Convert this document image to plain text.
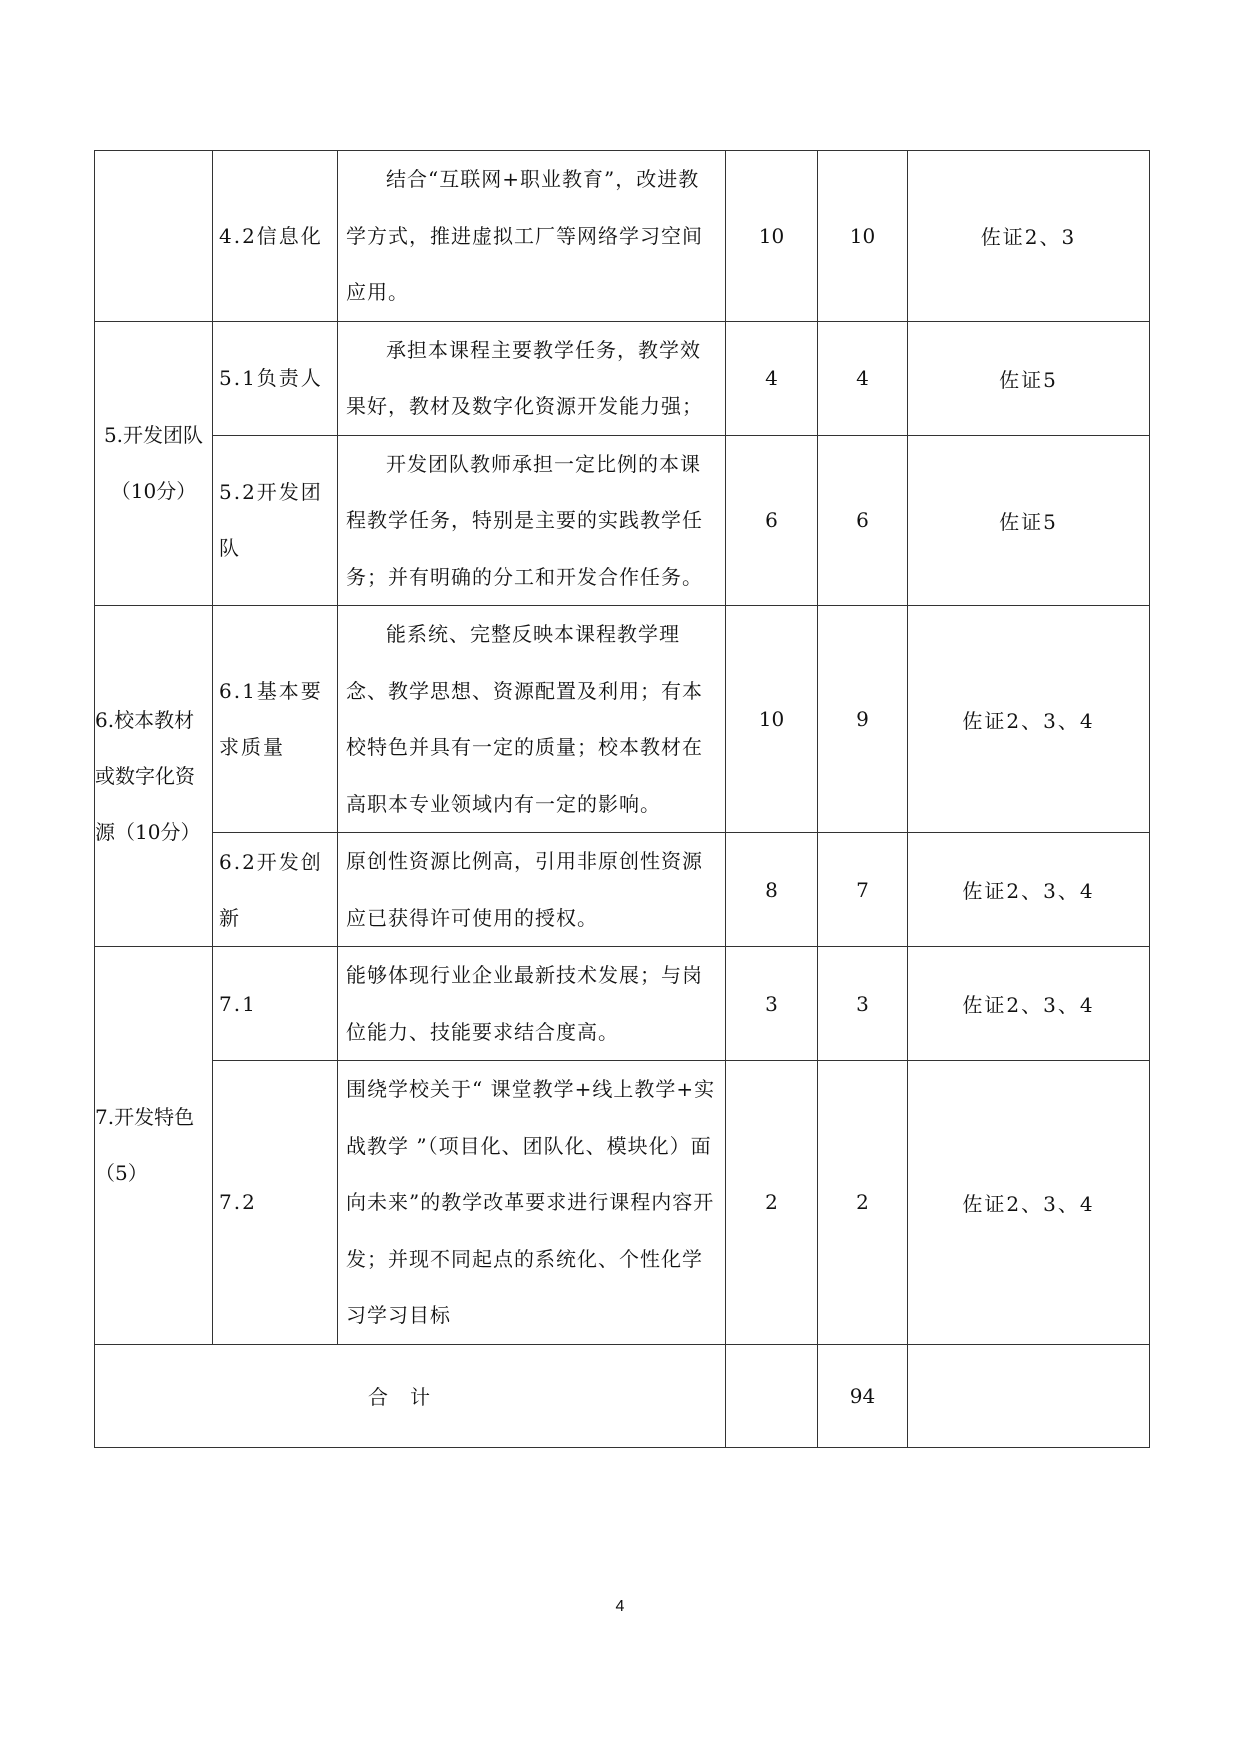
	4.2信息化	结合“互联网+职业教育”，改进教学方式，推进虚拟工厂等网络学习空间应用。	10	10	佐证2、3
5.开发团队（10分）	5.1负责人	承担本课程主要教学任务，教学效果好，教材及数字化资源开发能力强；	4	4	佐证5
	5.2开发团队	开发团队教师承担一定比例的本课程教学任务，特别是主要的实践教学任务；并有明确的分工和开发合作任务。	6	6	佐证5
6.校本教材或数字化资源（10分）	6.1基本要求质量	能系统、完整反映本课程教学理念、教学思想、资源配置及利用；有本校特色并具有一定的质量；校本教材在高职本专业领域内有一定的影响。	10	9	佐证2、3、4
	6.2开发创新	原创性资源比例高，引用非原创性资源应已获得许可使用的授权。	8	7	佐证2、3、4
7.开发特色（5）	7.1	能够体现行业企业最新技术发展；与岗位能力、技能要求结合度高。	3	3	佐证2、3、4
	7.2	围绕学校关于“ 课堂教学+线上教学+实战教学 ”（项目化、团队化、模块化）面向未来”的教学改革要求进行课程内容开发；并现不同起点的系统化、个性化学习学习目标	2	2	佐证2、3、4
合计				94	
4
